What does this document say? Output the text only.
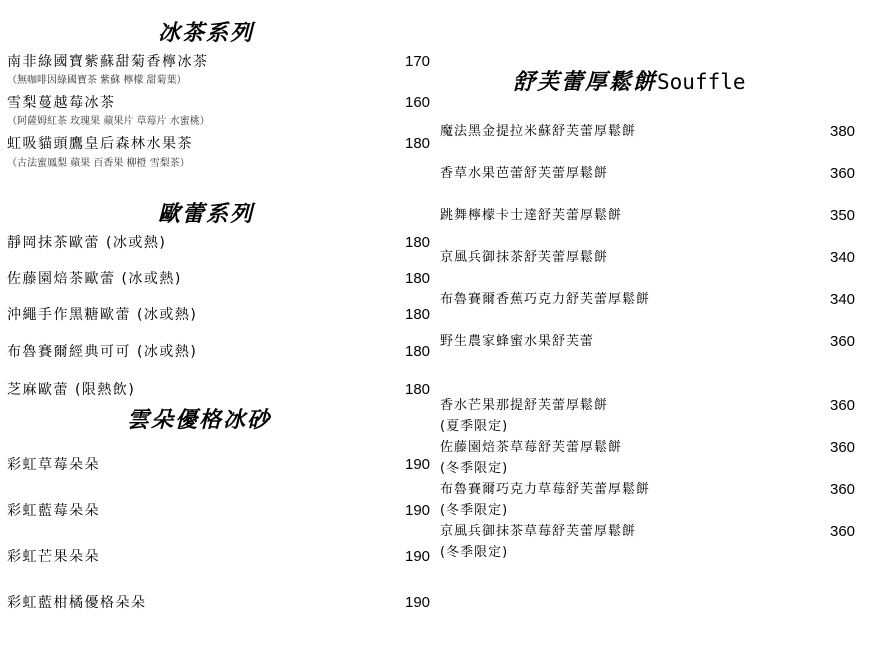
冰茶系列
南非綠國寶紫蘇甜菊香檸冰茶	170
（無咖啡因綠國寶茶 紫蘇 檸檬 甜菊葉）
雪梨蔓越莓冰茶	160
（阿薩姆紅茶 玫瑰果 蘋果片 草莓片 水蜜桃）
虹吸貓頭鷹皇后森林水果茶	180
（古法蜜鳳梨 蘋果 百香果 柳橙 雪梨茶）
歐蕾系列
靜岡抹茶歐蕾 (冰或熱)	180
佐藤園焙茶歐蕾 (冰或熱)	180
沖繩手作黑糖歐蕾 (冰或熱)	180
布魯賽爾經典可可 (冰或熱)	180
芝麻歐蕾 (限熱飲)	180
雲朵優格冰砂
彩虹草莓朵朵	190
彩虹藍莓朵朵	190
彩虹芒果朵朵	190
彩虹藍柑橘優格朵朵	190
舒芙蕾厚鬆餅Souffle
魔法黑金提拉米蘇舒芙蕾厚鬆餅	380
香草水果芭蕾舒芙蕾厚鬆餅	360
跳舞檸檬卡士達舒芙蕾厚鬆餅	350
京風兵御抹茶舒芙蕾厚鬆餅	340
布魯賽爾香蕉巧克力舒芙蕾厚鬆餅	340
野生農家蜂蜜水果舒芙蕾	360
香水芒果那提舒芙蕾厚鬆餅	360
(夏季限定)
佐藤園焙茶草莓舒芙蕾厚鬆餅	360
(冬季限定)
布魯賽爾巧克力草莓舒芙蕾厚鬆餅	360
(冬季限定)
京風兵御抹茶草莓舒芙蕾厚鬆餅	360
(冬季限定)
